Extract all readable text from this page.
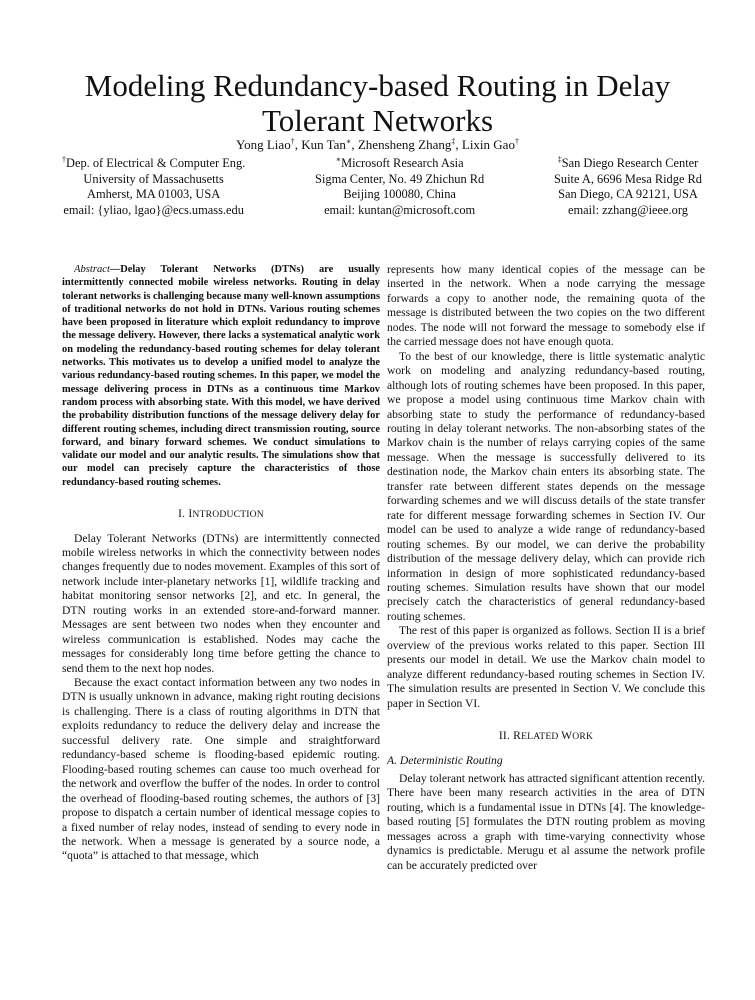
Modeling Redundancy-based Routing in Delay
Tolerant Networks
Yong Liao†, Kun Tan∗, Zhensheng Zhang‡, Lixin Gao†
†Dep. of Electrical & Computer Eng.
University of Massachusetts
Amherst, MA 01003, USA
email: {yliao, lgao}@ecs.umass.edu
∗Microsoft Research Asia
Sigma Center, No. 49 Zhichun Rd
Beijing 100080, China
email: kuntan@microsoft.com
‡San Diego Research Center
Suite A, 6696 Mesa Ridge Rd
San Diego, CA 92121, USA
email: zzhang@ieee.org

Abstract—Delay Tolerant Networks (DTNs) are usually intermittently connected mobile wireless networks. Routing in delay tolerant networks is challenging because many well-known assumptions of traditional networks do not hold in DTNs. Various routing schemes have been proposed in literature which exploit redundancy to improve the message delivery. However, there lacks a systematical analytic work on modeling the redundancy-based routing schemes for delay tolerant networks. This motivates us to develop a unified model to analyze the various redundancy-based routing schemes. In this paper, we model the message delivering process in DTNs as a continuous time Markov random process with absorbing state. With this model, we have derived the probability distribution functions of the message delivery delay for different routing schemes, including direct transmission routing, source forward, and binary forward schemes. We conduct simulations to validate our model and our analytic results. The simulations show that our model can precisely capture the characteristics of those redundancy-based routing schemes.

I. INTRODUCTION

Delay Tolerant Networks (DTNs) are intermittently connected mobile wireless networks in which the connectivity between nodes changes frequently due to nodes movement. Examples of this sort of network include inter-planetary networks [1], wildlife tracking and habitat monitoring sensor networks [2], and etc. In general, the DTN routing works in an extended store-and-forward manner. Messages are sent between two nodes when they encounter and wireless communication is established. Nodes may cache the messages for considerably long time before getting the chance to send them to the next hop nodes.

Because the exact contact information between any two nodes in DTN is usually unknown in advance, making right routing decisions is challenging. There is a class of routing algorithms in DTN that exploits redundancy to reduce the delivery delay and increase the successful delivery rate. One simple and straightforward redundancy-based scheme is flooding-based epidemic routing. Flooding-based routing schemes can cause too much overhead for the network and overflow the buffer of the nodes. In order to control the overhead of flooding-based routing schemes, the authors of [3] propose to dispatch a certain number of identical message copies to a fixed number of relay nodes, instead of sending to every node in the network. When a message is generated by a source node, a “quota” is attached to that message, which

represents how many identical copies of the message can be inserted in the network. When a node carrying the message forwards a copy to another node, the remaining quota of the message is distributed between the two copies on the two different nodes. The node will not forward the message to somebody else if the carried message does not have enough quota.

To the best of our knowledge, there is little systematic analytic work on modeling and analyzing redundancy-based routing, although lots of routing schemes have been proposed. In this paper, we propose a model using continuous time Markov chain with absorbing state to study the performance of redundancy-based routing in delay tolerant networks. The non-absorbing states of the Markov chain is the number of relays carrying copies of the same message. When the message is successfully delivered to its destination node, the Markov chain enters its absorbing state. The transfer rate between different states depends on the message forwarding schemes and we will discuss details of the state transfer rate for different message forwarding schemes in Section IV. Our model can be used to analyze a wide range of redundancy-based routing schemes. By our model, we can derive the probability distribution of the message delivery delay, which can provide rich information in design of more sophisticated redundancy-based routing schemes. Simulation results have shown that our model precisely catch the characteristics of general redundancy-based routing schemes.

The rest of this paper is organized as follows. Section II is a brief overview of the previous works related to this paper. Section III presents our model in detail. We use the Markov chain model to analyze different redundancy-based routing schemes in Section IV. The simulation results are presented in Section V. We conclude this paper in Section VI.

II. RELATED WORK
A. Deterministic Routing

Delay tolerant network has attracted significant attention recently. There have been many research activities in the area of DTN routing, which is a fundamental issue in DTNs [4]. The knowledge-based routing [5] formulates the DTN routing problem as moving messages across a graph with time-varying connectivity whose dynamics is predictable. Merugu et al assume the network profile can be accurately predicted over
